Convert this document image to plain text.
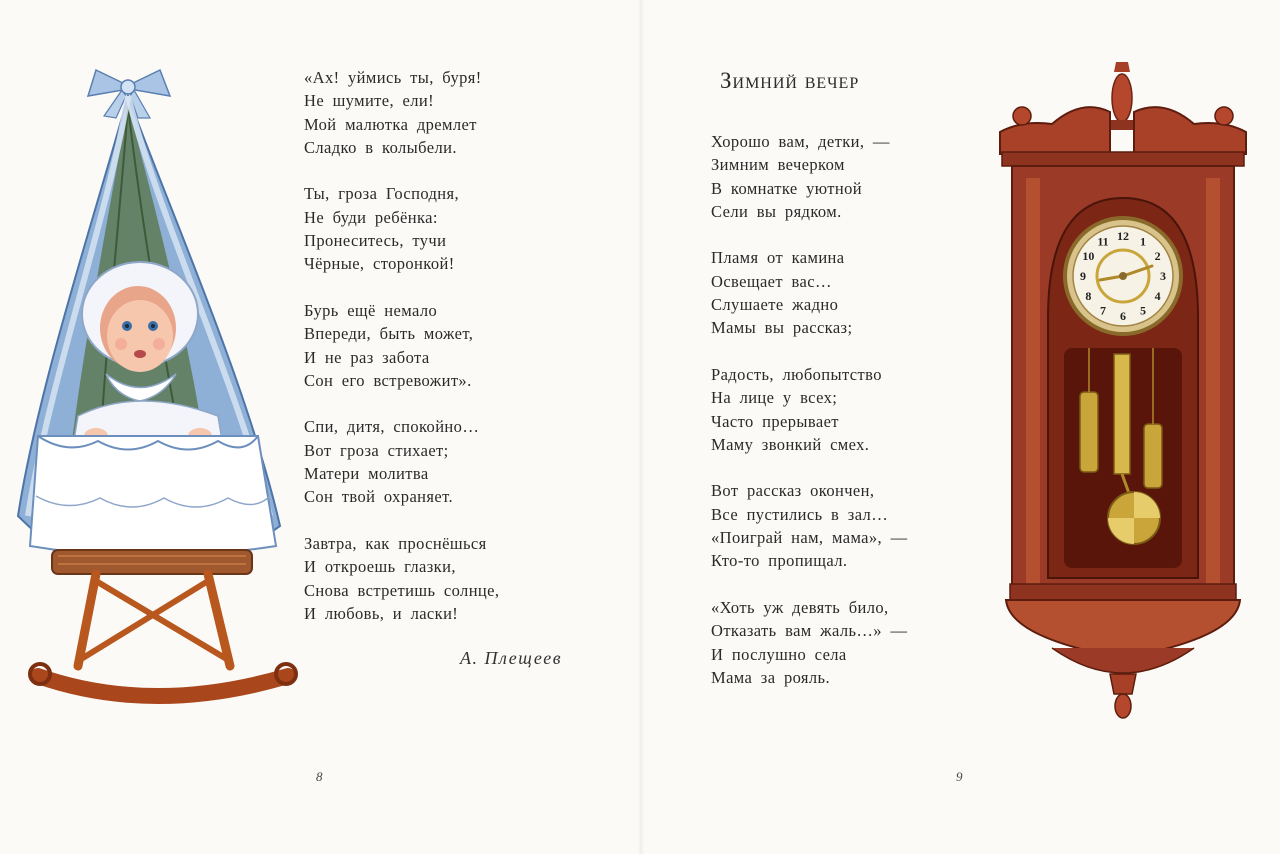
«Ах! уймись ты, буря!
Не шумите, ели!
Мой малютка дремлет
Сладко в колыбели.
Ты, гроза Господня,
Не буди ребёнка:
Пронеситесь, тучи
Чёрные, сторонкой!
Бурь ещё немало
Впереди, быть может,
И не раз забота
Сон его встревожит».
Спи, дитя, спокойно…
Вот гроза стихает;
Матери молитва
Сон твой охраняет.
Завтра, как проснёшься
И откроешь глазки,
Снова встретишь солнце,
И любовь, и ласки!
А. Плещеев
8
Зимний вечер
Хорошо вам, детки, —
Зимним вечерком
В комнатке уютной
Сели вы рядком.
Пламя от камина
Освещает вас…
Слушаете жадно
Мамы вы рассказ;
Радость, любопытство
На лице у всех;
Часто прерывает
Маму звонкий смех.
Вот рассказ окончен,
Все пустились в зал…
«Поиграй нам, мама», —
Кто-то пропищал.
«Хоть уж девять било,
Отказать вам жаль…» —
И послушно села
Мама за рояль.
9
12 1
2
3
4
5
6
7
8
9
10
11
